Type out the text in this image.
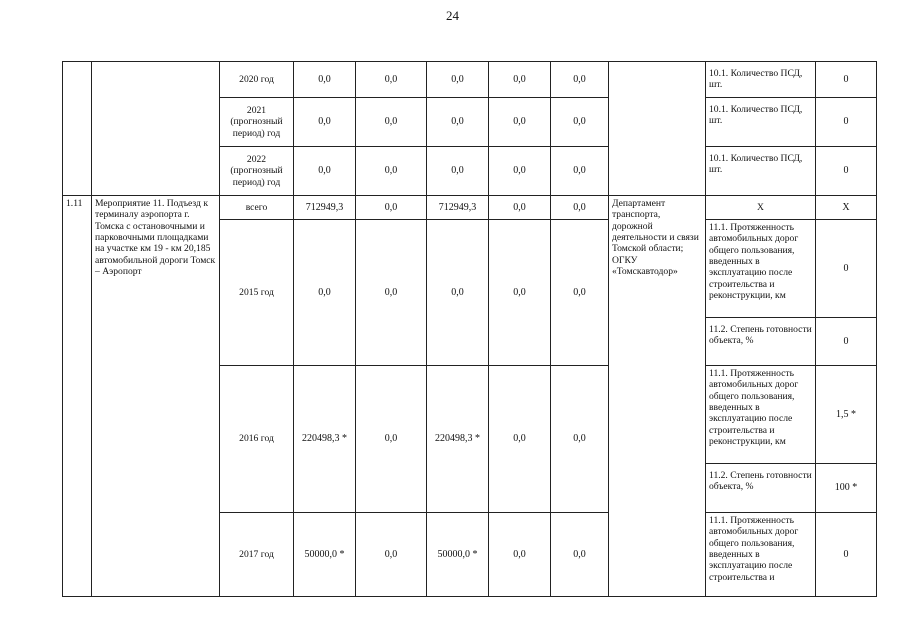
24
		2020 год	0,0	0,0	0,0	0,0	0,0		10.1. Количество ПСД, шт.	0
		2021 (прогнозный период) год	0,0	0,0	0,0	0,0	0,0		10.1. Количество ПСД, шт.	0
		2022 (прогнозный период) год	0,0	0,0	0,0	0,0	0,0		10.1. Количество ПСД, шт.	0
1.11	Мероприятие 11. Подъезд к терминалу аэропорта г. Томска с остановочными и парковочными площадками на участке км 19 - км 20,185 автомобильной дороги Томск – Аэропорт	всего	712949,3	0,0	712949,3	0,0	0,0	Департамент транспорта, дорожной деятельности и связи Томской области; ОГКУ «Томскавтодор»	Х	Х
		2015 год	0,0	0,0	0,0	0,0	0,0		11.1. Протяженность автомобильных дорог общего пользования, введенных в эксплуатацию после строительства и реконструкции, км	0
									11.2. Степень готовности объекта, %	0
		2016 год	220498,3 *	0,0	220498,3 *	0,0	0,0		11.1. Протяженность автомобильных дорог общего пользования, введенных в эксплуатацию после строительства и реконструкции, км	1,5 *
									11.2. Степень готовности объекта, %	100 *
		2017 год	50000,0 *	0,0	50000,0 *	0,0	0,0		11.1. Протяженность автомобильных дорог общего пользования, введенных в эксплуатацию после строительства и	0
